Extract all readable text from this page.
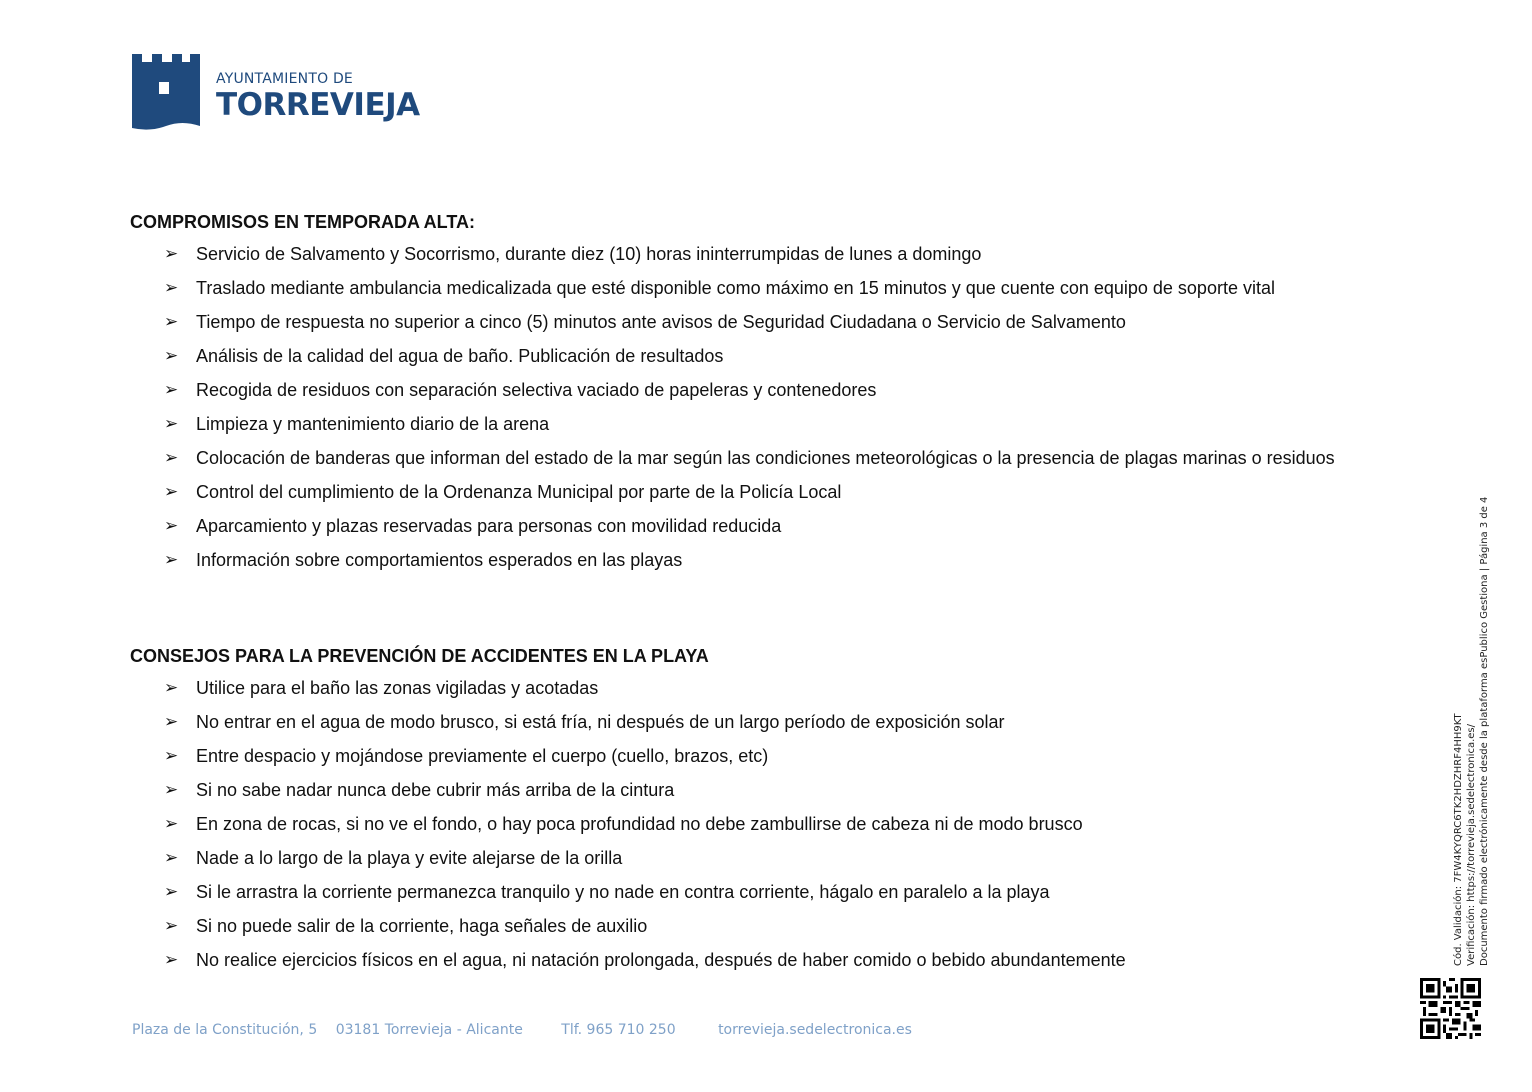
AYUNTAMIENTO DE
TORREVIEJA
COMPROMISOS EN TEMPORADA ALTA:
➢ Servicio de Salvamento y Socorrismo, durante diez (10) horas ininterrumpidas de lunes a domingo
➢ Traslado mediante ambulancia medicalizada que esté disponible como máximo en 15 minutos y que cuente con equipo de soporte vital
➢ Tiempo de respuesta no superior a cinco (5) minutos ante avisos de Seguridad Ciudadana o Servicio de Salvamento
➢ Análisis de la calidad del agua de baño. Publicación de resultados
➢ Recogida de residuos con separación selectiva vaciado de papeleras y contenedores
➢ Limpieza y mantenimiento diario de la arena
➢ Colocación de banderas que informan del estado de la mar según las condiciones meteorológicas o la presencia de plagas marinas o residuos
➢ Control del cumplimiento de la Ordenanza Municipal por parte de la Policía Local
➢ Aparcamiento y plazas reservadas para personas con movilidad reducida
➢ Información sobre comportamientos esperados en las playas
CONSEJOS PARA LA PREVENCIÓN DE ACCIDENTES EN LA PLAYA
➢ Utilice para el baño las zonas vigiladas y acotadas
➢ No entrar en el agua de modo brusco, si está fría, ni después de un largo período de exposición solar
➢ Entre despacio y mojándose previamente el cuerpo (cuello, brazos, etc)
➢ Si no sabe nadar nunca debe cubrir más arriba de la cintura
➢ En zona de rocas, si no ve el fondo, o hay poca profundidad no debe zambullirse de cabeza ni de modo brusco
➢ Nade a lo largo de la playa y evite alejarse de la orilla
➢ Si le arrastra la corriente permanezca tranquilo y no nade en contra corriente, hágalo en paralelo a la playa
➢ Si no puede salir de la corriente, haga señales de auxilio
➢ No realice ejercicios físicos en el agua, ni natación prolongada, después de haber comido o bebido abundantemente	Cód. Validación: 7FW4KYQRC6TK2HDZHRF4HH9KT Verificación: https://torrevieja.sedelectronica.es/ Documento firmado electrónicamente desde la plataforma esPublico Gestiona | Página 3 de 4
Plaza de la Constitución, 5 03181 Torrevieja - Alicante	Tlf. 965 710 250	torrevieja.sedelectronica.es
